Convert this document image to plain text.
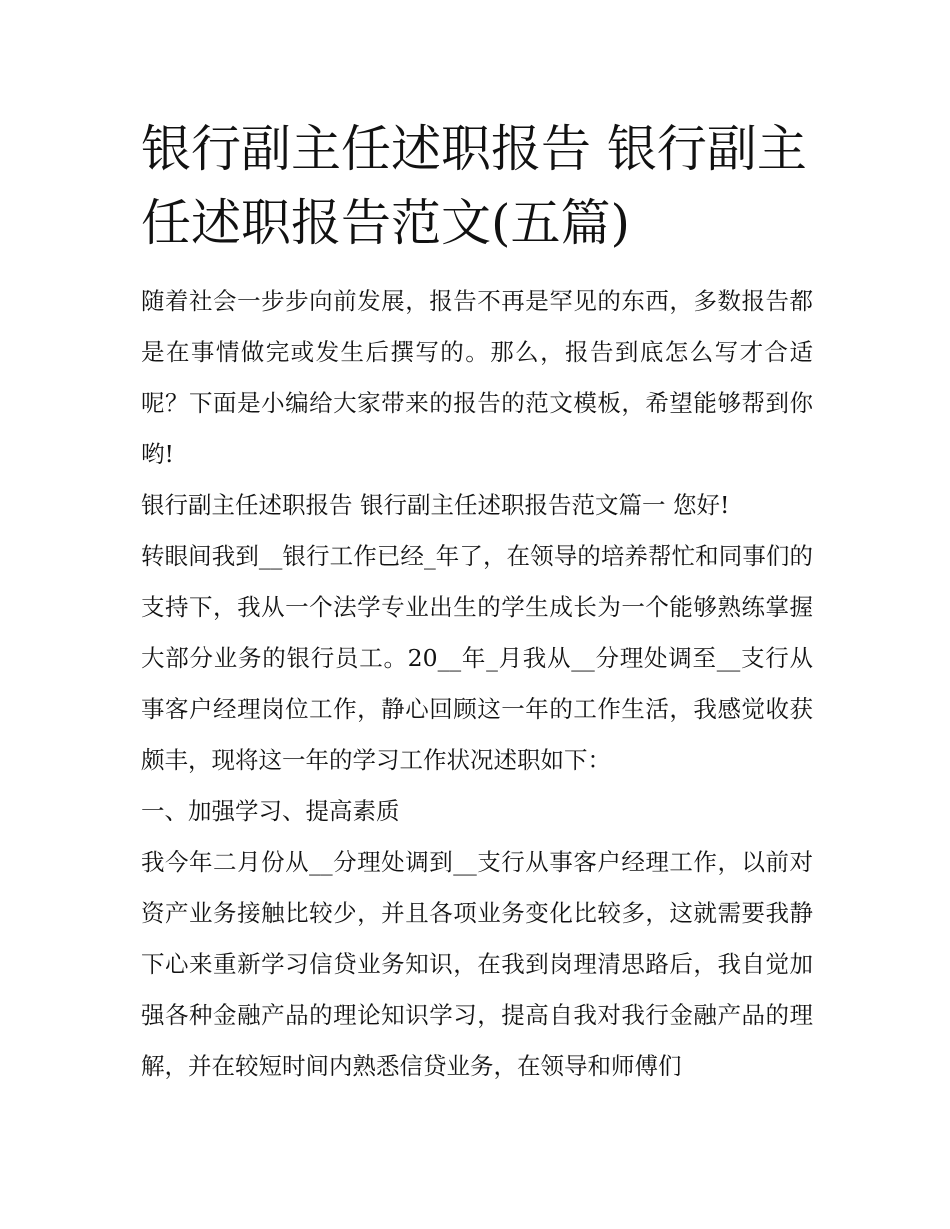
银行副主任述职报告 银行副主任述职报告范文(五篇)

随着社会一步步向前发展，报告不再是罕见的东西，多数报告都是在事情做完或发生后撰写的。那么，报告到底怎么写才合适呢？下面是小编给大家带来的报告的范文模板，希望能够帮到你哟!

银行副主任述职报告 银行副主任述职报告范文篇一 您好!

转眼间我到__银行工作已经_年了，在领导的培养帮忙和同事们的支持下，我从一个法学专业出生的学生成长为一个能够熟练掌握大部分业务的银行员工。20__年_月我从__分理处调至__支行从事客户经理岗位工作，静心回顾这一年的工作生活，我感觉收获颇丰，现将这一年的学习工作状况述职如下：

一、加强学习、提高素质

我今年二月份从__分理处调到__支行从事客户经理工作，以前对资产业务接触比较少，并且各项业务变化比较多，这就需要我静下心来重新学习信贷业务知识，在我到岗理清思路后，我自觉加强各种金融产品的理论知识学习，提高自我对我行金融产品的理解，并在较短时间内熟悉信贷业务，在领导和师傅们
